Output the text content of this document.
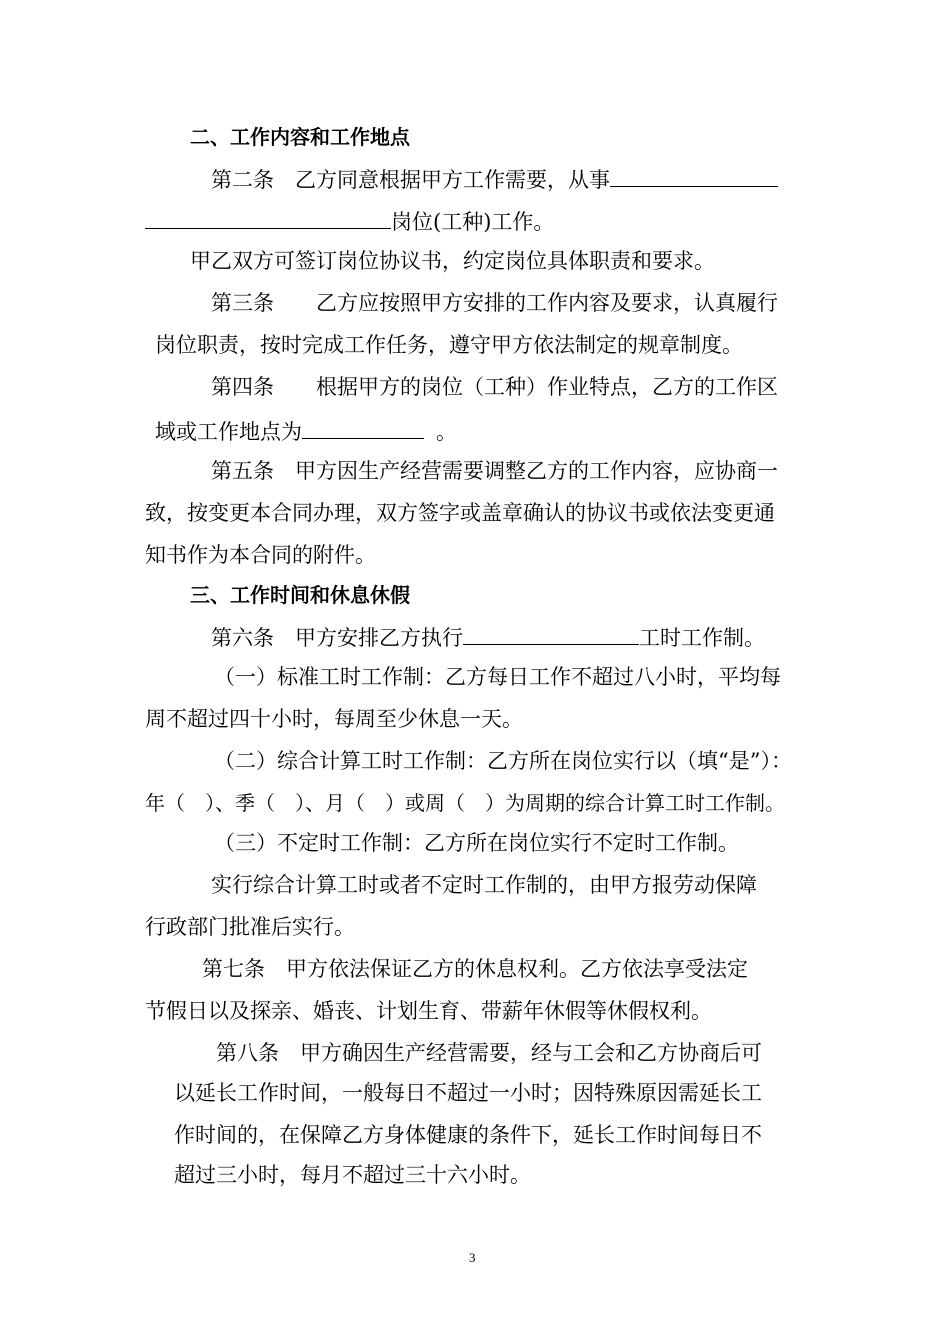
二、工作内容和工作地点
第二条　乙方同意根据甲方工作需要，从事
岗位(工种)工作。
甲乙双方可签订岗位协议书，约定岗位具体职责和要求。
第三条　　乙方应按照甲方安排的工作内容及要求，认真履行
岗位职责，按时完成工作任务，遵守甲方依法制定的规章制度。
第四条　　根据甲方的岗位（工种）作业特点，乙方的工作区
域或工作地点为	。
第五条　甲方因生产经营需要调整乙方的工作内容，应协商一
致，按变更本合同办理，双方签字或盖章确认的协议书或依法变更通
知书作为本合同的附件。
三、工作时间和休息休假
第六条　甲方安排乙方执行	工时工作制。
（一）标准工时工作制：乙方每日工作不超过八小时，平均每
周不超过四十小时，每周至少休息一天。
（二）综合计算工时工作制：乙方所在岗位实行以（填“是”）：
年（　）、季（　）、月（　）或周（　）为周期的综合计算工时工作制。
（三）不定时工作制：乙方所在岗位实行不定时工作制。
实行综合计算工时或者不定时工作制的，由甲方报劳动保障
行政部门批准后实行。
第七条　甲方依法保证乙方的休息权利。乙方依法享受法定
节假日以及探亲、婚丧、计划生育、带薪年休假等休假权利。
第八条　甲方确因生产经营需要，经与工会和乙方协商后可
以延长工作时间，一般每日不超过一小时；因特殊原因需延长工
作时间的，在保障乙方身体健康的条件下，延长工作时间每日不
超过三小时，每月不超过三十六小时。
3
